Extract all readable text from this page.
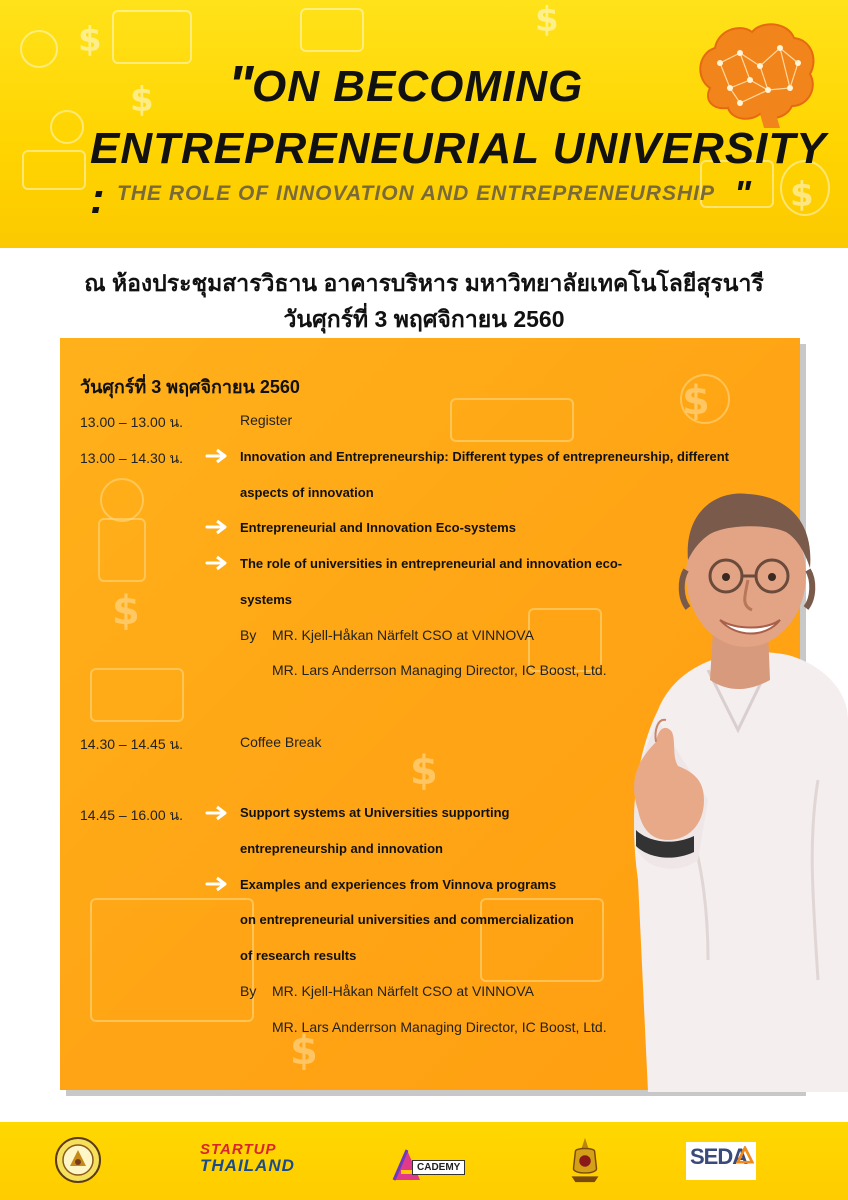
$	$
$
$ "
ON BECOMING
ENTREPRENEURIAL UNIVERSITY : THE ROLE OF INNOVATION AND ENTREPRENEURSHIP "
ณ ห้องประชุมสารวิธาน อาคารบริหาร มหาวิทยาลัยเทคโนโลยีสุรนารี
วันศุกร์ที่ 3 พฤศจิกายน 2560
$
$
$
$
วันศุกร์ที่ 3 พฤศจิกายน 2560
13.00 – 13.00 น.	Register
13.00 – 14.30 น.	Innovation and Entrepreneurship: Different types of entrepreneurship, different
aspects of innovation
Entrepreneurial and Innovation Eco-systems
The role of universities in entrepreneurial and innovation eco-
systems
By MR. Kjell-Håkan Närfelt CSO at VINNOVA
MR. Lars Anderrson Managing Director, IC Boost, Ltd.
14.30 – 14.45 น.	Coffee Break
14.45 – 16.00 น.	Support systems at Universities supporting
entrepreneurship and innovation
Examples and experiences from Vinnova programs
on entrepreneurial universities and commercialization
of research results
By MR. Kjell-Håkan Närfelt CSO at VINNOVA
MR. Lars Anderrson Managing Director, IC Boost, Ltd.
STARTUP
THAILAND	CADEMY	SEDA
